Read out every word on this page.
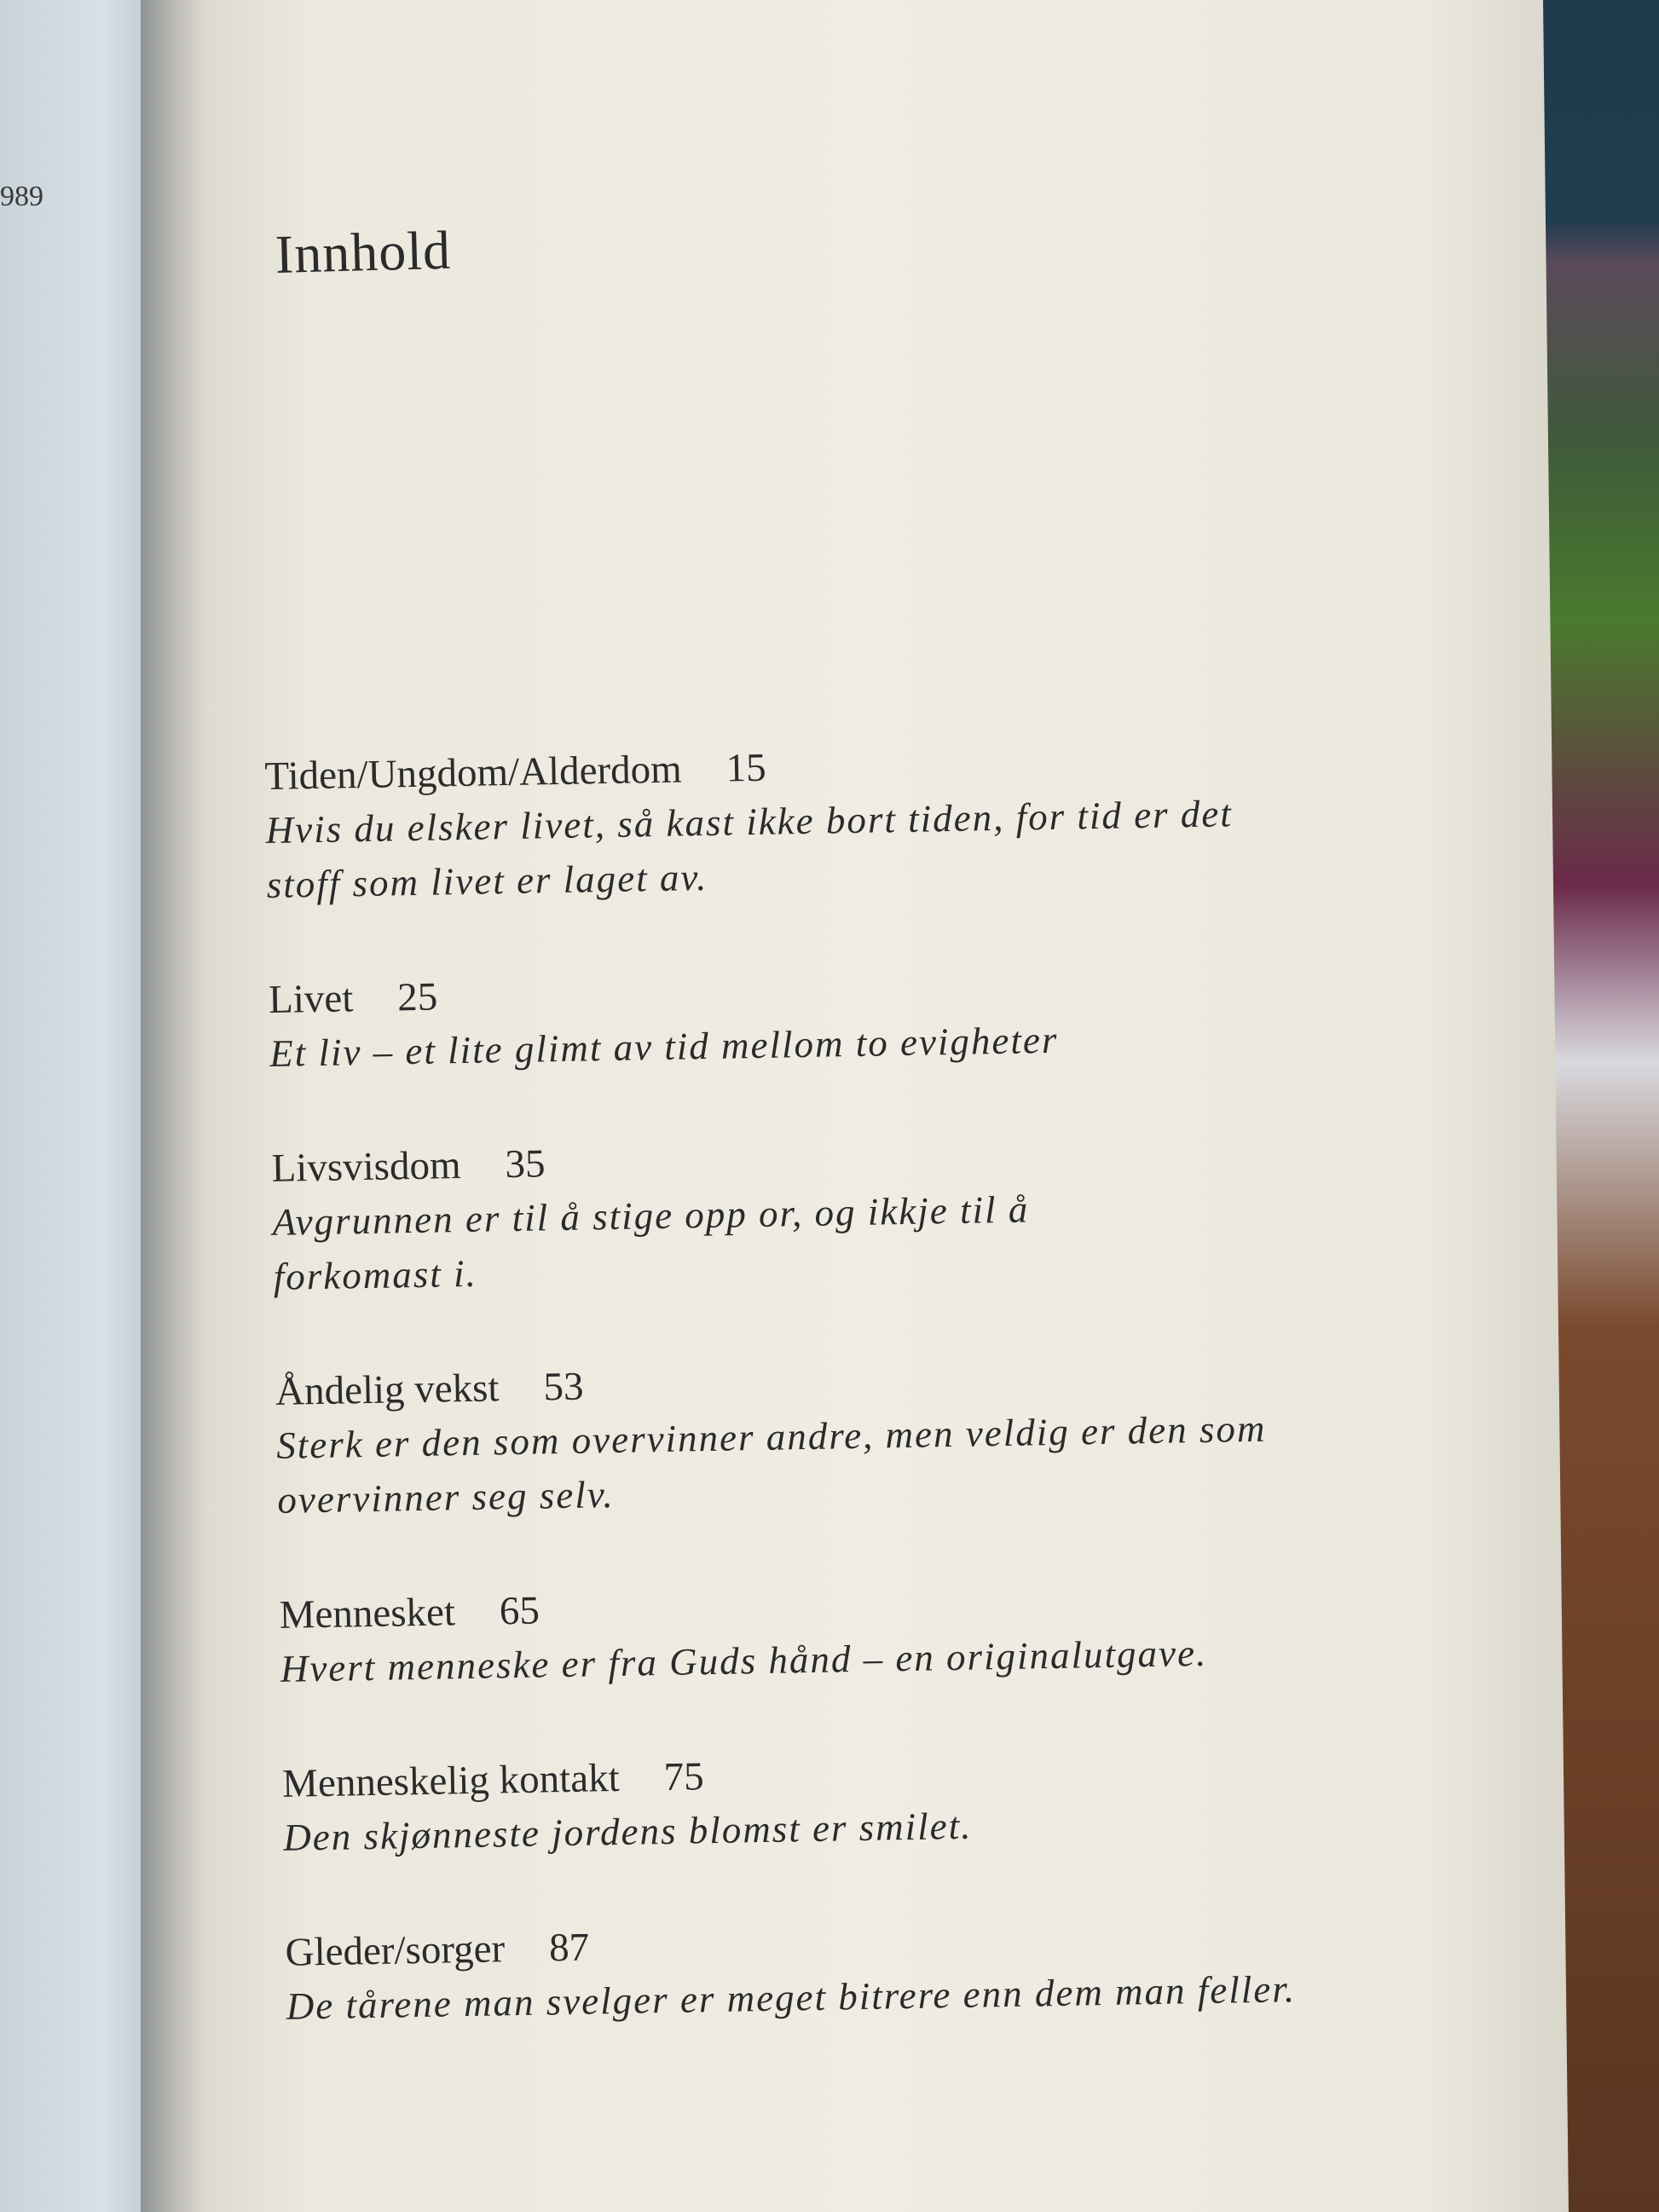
989
Innhold
Tiden/Ungdom/Alderdom 15
Hvis du elsker livet, så kast ikke bort tiden, for tid er det stoff som livet er laget av.
Livet 25
Et liv – et lite glimt av tid mellom to evigheter
Livsvisdom 35
Avgrunnen er til å stige opp or, og ikkje til å forkomast i.
Åndelig vekst 53
Sterk er den som overvinner andre, men veldig er den som overvinner seg selv.
Mennesket 65
Hvert menneske er fra Guds hånd – en originalutgave.
Menneskelig kontakt 75
Den skjønneste jordens blomst er smilet.
Gleder/sorger 87
De tårene man svelger er meget bitrere enn dem man feller.
